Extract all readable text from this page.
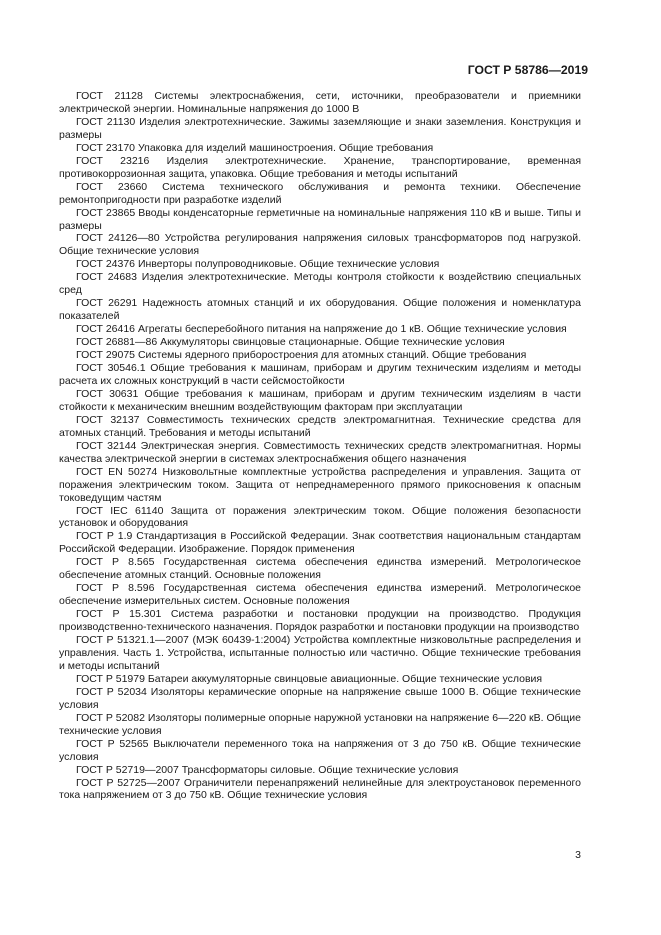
ГОСТ Р 58786—2019

ГОСТ 21128 Системы электроснабжения, сети, источники, преобразователи и приемники электрической энергии. Номинальные напряжения до 1000 В

ГОСТ 21130 Изделия электротехнические. Зажимы заземляющие и знаки заземления. Конструкция и размеры

ГОСТ 23170 Упаковка для изделий машиностроения. Общие требования

ГОСТ 23216 Изделия электротехнические. Хранение, транспортирование, временная противокоррозионная защита, упаковка. Общие требования и методы испытаний

ГОСТ 23660 Система технического обслуживания и ремонта техники. Обеспечение ремонтопригодности при разработке изделий

ГОСТ 23865 Вводы конденсаторные герметичные на номинальные напряжения 110 кВ и выше. Типы и размеры

ГОСТ 24126—80 Устройства регулирования напряжения силовых трансформаторов под нагрузкой. Общие технические условия

ГОСТ 24376 Инверторы полупроводниковые. Общие технические условия

ГОСТ 24683 Изделия электротехнические. Методы контроля стойкости к воздействию специальных сред

ГОСТ 26291 Надежность атомных станций и их оборудования. Общие положения и номенклатура показателей

ГОСТ 26416 Агрегаты бесперебойного питания на напряжение до 1 кВ. Общие технические условия

ГОСТ 26881—86 Аккумуляторы свинцовые стационарные. Общие технические условия

ГОСТ 29075 Системы ядерного приборостроения для атомных станций. Общие требования

ГОСТ 30546.1 Общие требования к машинам, приборам и другим техническим изделиям и методы расчета их сложных конструкций в части сейсмостойкости

ГОСТ 30631 Общие требования к машинам, приборам и другим техническим изделиям в части стойкости к механическим внешним воздействующим факторам при эксплуатации

ГОСТ 32137 Совместимость технических средств электромагнитная. Технические средства для атомных станций. Требования и методы испытаний

ГОСТ 32144 Электрическая энергия. Совместимость технических средств электромагнитная. Нормы качества электрической энергии в системах электроснабжения общего назначения

ГОСТ EN 50274 Низковольтные комплектные устройства распределения и управления. Защита от поражения электрическим током. Защита от непреднамеренного прямого прикосновения к опасным токоведущим частям

ГОСТ IEC 61140 Защита от поражения электрическим током. Общие положения безопасности установок и оборудования

ГОСТ Р 1.9 Стандартизация в Российской Федерации. Знак соответствия национальным стандартам Российской Федерации. Изображение. Порядок применения

ГОСТ Р 8.565 Государственная система обеспечения единства измерений. Метрологическое обеспечение атомных станций. Основные положения

ГОСТ Р 8.596 Государственная система обеспечения единства измерений. Метрологическое обеспечение измерительных систем. Основные положения

ГОСТ Р 15.301 Система разработки и постановки продукции на производство. Продукция производственно-технического назначения. Порядок разработки и постановки продукции на производство

ГОСТ Р 51321.1—2007 (МЭК 60439-1:2004) Устройства комплектные низковольтные распределения и управления. Часть 1. Устройства, испытанные полностью или частично. Общие технические требования и методы испытаний

ГОСТ Р 51979 Батареи аккумуляторные свинцовые авиационные. Общие технические условия

ГОСТ Р 52034 Изоляторы керамические опорные на напряжение свыше 1000 В. Общие технические условия

ГОСТ Р 52082 Изоляторы полимерные опорные наружной установки на напряжение 6—220 кВ. Общие технические условия

ГОСТ Р 52565 Выключатели переменного тока на напряжения от 3 до 750 кВ. Общие технические условия

ГОСТ Р 52719—2007 Трансформаторы силовые. Общие технические условия

ГОСТ Р 52725—2007 Ограничители перенапряжений нелинейные для электроустановок переменного тока напряжением от 3 до 750 кВ. Общие технические условия

3
